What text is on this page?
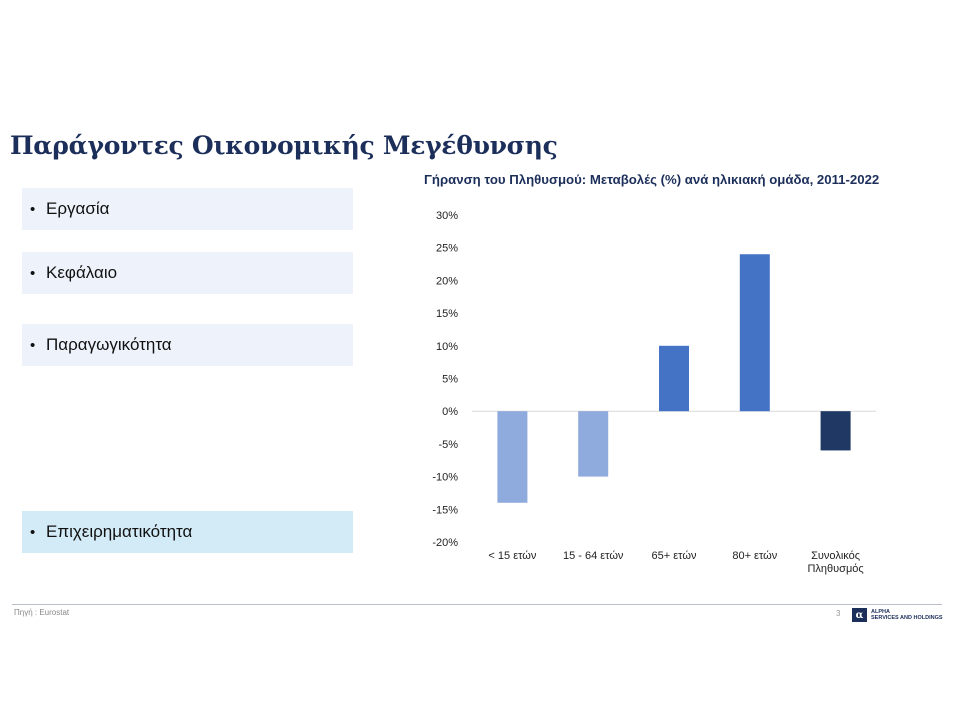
Παράγοντες Οικονομικής Μεγέθυνσης
• Εργασία
• Κεφάλαιο
• Παραγωγικότητα
• Επιχειρηματικότητα
Γήρανση του Πληθυσμού: Μεταβολές (%) ανά ηλικιακή ομάδα, 2011-2022
30%
25%
20%
15%
10%
5%
0%
-5%
-10%
-15%
-20%
< 15 ετών 15 - 64 ετών	65+ ετών	80+ ετών	Συνολικός Πληθυσμός
Πηγή : Eurostat	3	α	ALPHA
SERVICES AND HOLDINGS
